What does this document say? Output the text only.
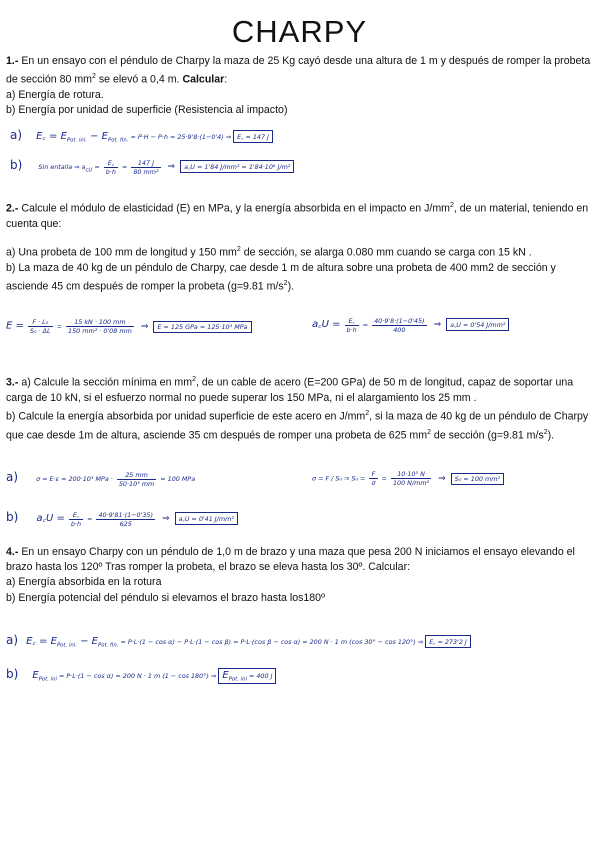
CHARPY

1.- En un ensayo con el péndulo de Charpy la maza de 25 Kg cayó desde una altura de 1 m y después de romper la probeta de sección 80 $mm^2$ se elevó a 0,4 m. Calcular:

a) Energía de rotura.

b) Energía por unidad de superficie (Resistencia al impacto)

a) E꜀ = $E_{Pot. ini.} - E_{Pot. fin.} = P\cdot H - P\cdot h = 25\cdot 9'8\cdot(1-0'4)$ ⇒ E꜀ = 147 J
b)	Sin entalla ⇒ $a_{cU} = \frac{E꜀}{b\cdot h} = \frac{147 J}{\text{80 mm²}}$ ⇒ a꜀U = 1'84 J/mm² = 1'84·10⁶ J/m²

2.- Calcule el módulo de elasticidad (E) en MPa, y la energía absorbida en el impacto en $J/mm^2$, de un material, teniendo en cuenta que:

a) Una probeta de 100 mm de longitud y 150 $mm^2$ de sección, se alarga 0.080 mm cuando se carga con 15 kN .

b) La maza de 40 kg de un péndulo de Charpy, cae desde 1 m de altura sobre una probeta de 400 mm2 de sección y asciende 45 cm después de romper la probeta (g=9.81 $m/s^2$).

$E = \frac{\text{F · L₀}}{\text{S₀ · ΔL}} = \frac{15 kN \cdot 100 mm}{\text{150 mm² · 0'08 mm}}$ ⇒ E = 125 GPa = 125·10³ MPa	a꜀U = $\frac{E꜀}{b\cdot h} = \frac{40\cdot 9'8\cdot(1-0'45)}{400}$ ⇒ a꜀U = 0'54 J/mm²

3.- a) Calcule la sección mínima en $mm^2$, de un cable de acero (E=200 GPa) de 50 m de longitud, capaz de soportar una carga de 10 kN, si el esfuerzo normal no puede superar los 150 MPa, ni el alargamiento los 25 mm .

b) Calcule la energía absorbida por unidad superficie de este acero en $J/mm^2$, si la maza de 40 kg de un péndulo de Charpy que cae desde 1m de altura, asciende 35 cm después de romper una probeta de 625 $mm^2$ de sección (g=9.81 $m/s^2$).

a)	σ = E·ε = 200·10³ MPa · $\frac{25 mm}{\text{50·10³ mm}} = 100$ MPa	σ = F / S₀ ⇒ $S_0 = \frac{F}{\sigma} = \frac{\text{10·10³ N}}{\text{100 N/mm²}}$ ⇒ S₀ = 100 mm²
b) a꜀U = $\frac{E꜀}{b\cdot h} = \frac{40\cdot 9'81\cdot(1-0'35)}{625}$ ⇒ a꜀U = 0'41 J/mm²

4.- En un ensayo Charpy con un péndulo de 1,0 m de brazo y una maza que pesa 200 N iniciamos el ensayo elevando el brazo hasta los 120º Tras romper la probeta, el brazo se eleva hasta los 30º. Calcular:

a) Energía absorbida en la rotura

b) Energía potencial del péndulo si elevamos el brazo hasta los180º

a) E꜀ = $E_{Pot. ini.} - E_{Pot. fin.} = P\cdot L\cdot(1 - \cos \alpha) - P\cdot L\cdot(1 - \cos \beta) = P\cdot L\cdot(\cos$ β − cos α) = 200 N · 1 m (cos 30° − cos 120°) ⇒ E꜀ = 273'2 J
b) $E_{Pot. ini} = P\cdot L\cdot(1 - \cos \alpha) = 200$ N · 1 m (1 − cos 180°) ⇒ $E_{Pot. ini} = 400$ J
